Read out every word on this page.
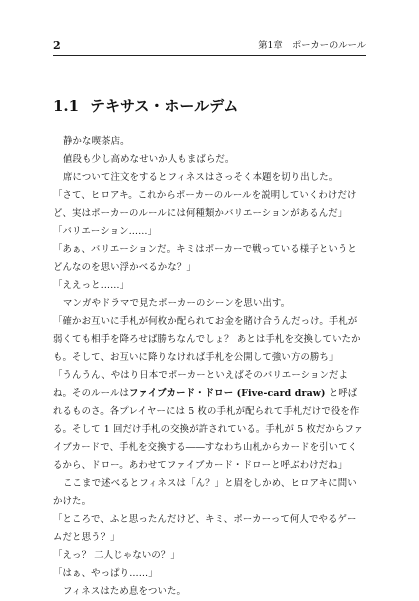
2	第1章　ポーカーのルール
1.1 テキサス・ホールデム

静かな喫茶店。

値段も少し高めなせいか人もまばらだ。

席について注文をするとフィネスはさっそく本題を切り出した。

「さて、ヒロアキ。これからポーカーのルールを説明していくわけだけど、実はポーカーのルールには何種類かバリエーションがあるんだ」

「バリエーション……」

「あぁ、バリエーションだ。キミはポーカーで戦っている様子というとどんなのを思い浮かべるかな？」

「ええっと……」

マンガやドラマで見たポーカーのシーンを思い出す。

「確かお互いに手札が何枚か配られてお金を賭け合うんだっけ。手札が弱くても相手を降ろせば勝ちなんでしょ？ あとは手札を交換していたかも。そして、お互いに降りなければ手札を公開して強い方の勝ち」

「うんうん、やはり日本でポーカーといえばそのバリエーションだよね。そのルールはファイブカード・ドロー (Five-card draw) と呼ばれるものさ。各プレイヤーには 5 枚の手札が配られて手札だけで役を作る。そして 1 回だけ手札の交換が許されている。手札が 5 枚だからファイブカードで、手札を交換する――すなわち山札からカードを引いてくるから、ドロー。あわせてファイブカード・ドローと呼ぶわけだね」

ここまで述べるとフィネスは「ん？」と眉をしかめ、ヒロアキに問いかけた。

「ところで、ふと思ったんだけど、キミ、ポーカーって何人でやるゲームだと思う？」

「えっ？ 二人じゃないの？」

「はぁ、やっぱり……」

フィネスはため息をついた。
